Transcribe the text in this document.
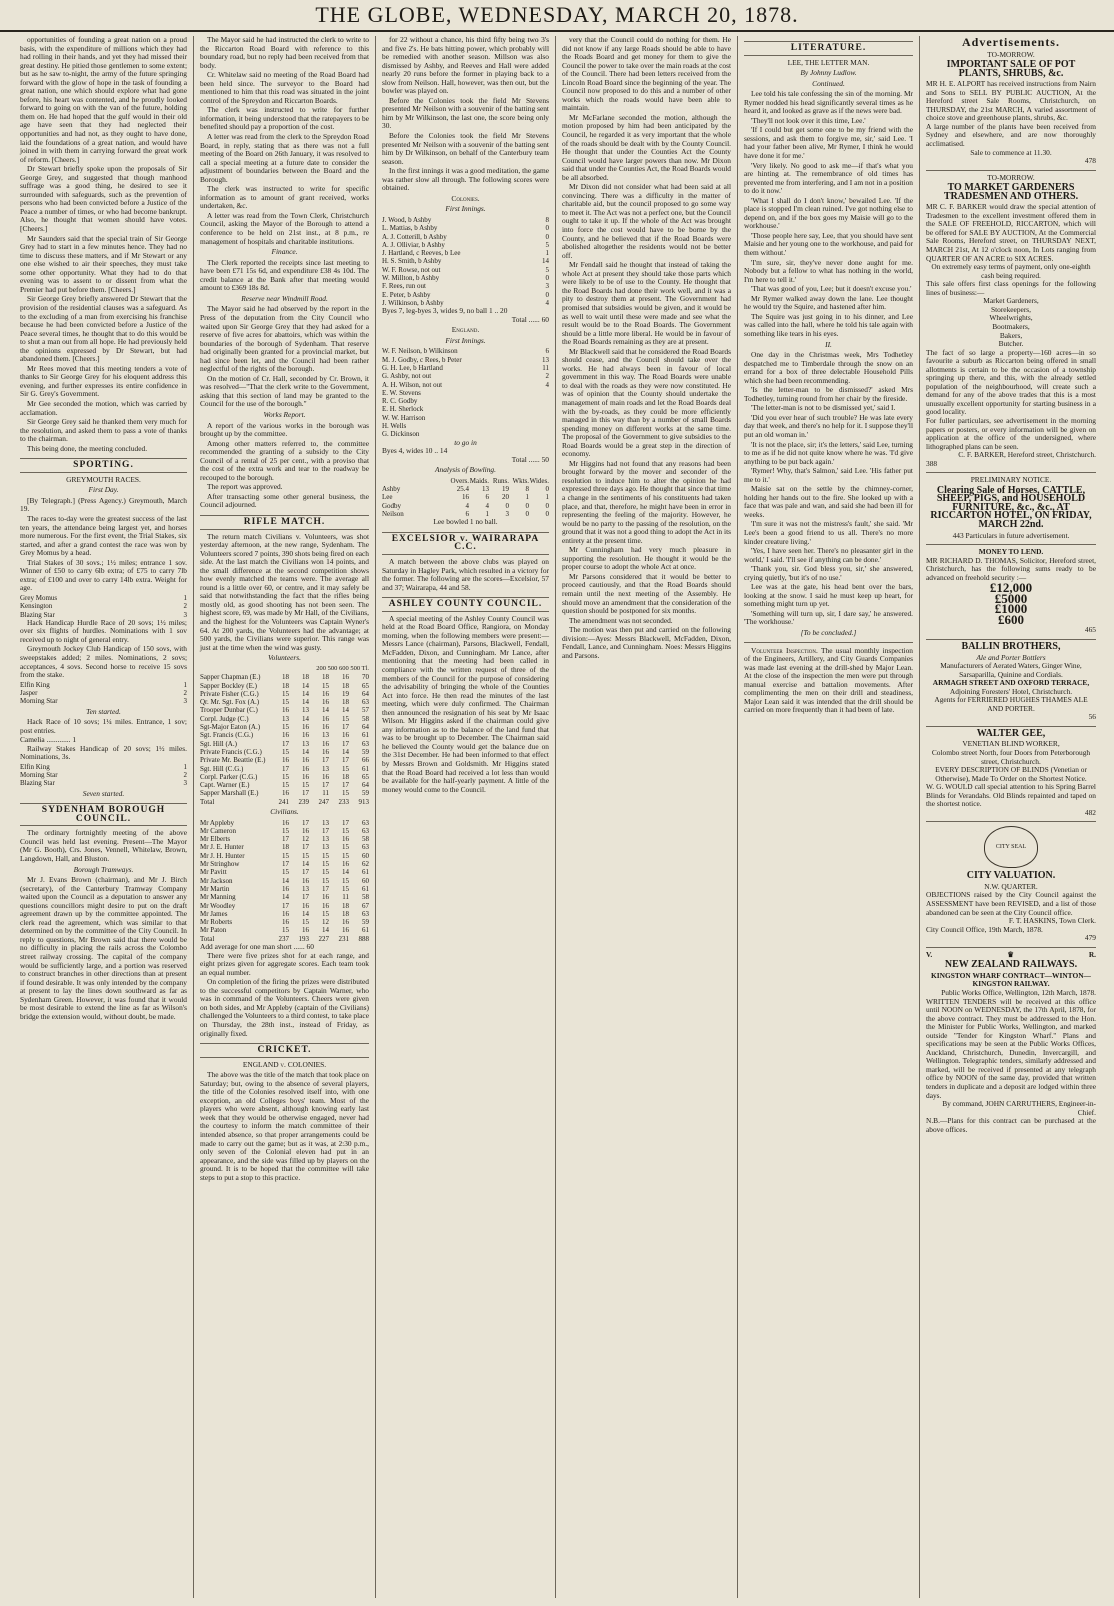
THE GLOBE, WEDNESDAY, MARCH 20, 1878.

opportunities of founding a great nation on a proud basis, with the expenditure of millions which they had had rolling in their hands, and yet they had missed their great destiny. He pitied those gentlemen to some extent; but as he saw to-night, the army of the future springing forward with the glow of hope in the task of founding a great nation, one which should explore what had gone before, his heart was contented, and he proudly looked forward to going on with the van of the future, holding them on. He had hoped that the gulf would in their old age have seen that they had neglected their opportunities and had not, as they ought to have done, laid the foundations of a great nation, and would have joined in with them in carrying forward the great work of reform. [Cheers.]

Dr Stewart briefly spoke upon the proposals of Sir George Grey, and suggested that though manhood suffrage was a good thing, he desired to see it surrounded with safeguards, such as the prevention of persons who had been convicted before a Justice of the Peace a number of times, or who had become bankrupt. Also, he thought that women should have votes. [Cheers.]

Mr Saunders said that the special train of Sir George Grey had to start in a few minutes hence. They had no time to discuss these matters, and if Mr Stewart or any one else wished to air their speeches, they must take some other opportunity. What they had to do that evening was to assent to or dissent from what the Premier had put before them. [Cheers.]

Sir George Grey briefly answered Dr Stewart that the provision of the residential clauses was a safeguard. As to the excluding of a man from exercising his franchise because he had been convicted before a Justice of the Peace several times, he thought that to do this would be to shut a man out from all hope. He had previously held the opinions expressed by Dr Stewart, but had abandoned them. [Cheers.]

Mr Rees moved that this meeting tenders a vote of thanks to Sir George Grey for his eloquent address this evening, and further expresses its entire confidence in Sir G. Grey's Government.

Mr Gee seconded the motion, which was carried by acclamation.

Sir George Grey said he thanked them very much for the resolution, and asked them to pass a vote of thanks to the chairman.

This being done, the meeting concluded.

SPORTING.
GREYMOUTH RACES.
First Day.

[By Telegraph.] (Press Agency.) Greymouth, March 19.

The races to-day were the greatest success of the last ten years, the attendance being largest yet, and horses more numerous. For the first event, the Trial Stakes, six started, and after a grand contest the race was won by Grey Momus by a head.

Trial Stakes of 30 sovs.; 1½ miles; entrance 1 sov. Winner of £50 to carry 6lb extra; of £75 to carry 7lb extra; of £100 and over to carry 14lb extra. Weight for age.

Grey Momus	1
Kensington	2
Blazing Star	3

Hack Handicap Hurdle Race of 20 sovs; 1½ miles; over six flights of hurdles. Nominations with 1 sov received up to night of general entry.

Greymouth Jockey Club Handicap of 150 sovs, with sweepstakes added; 2 miles. Nominations, 2 sovs; acceptances, 4 sovs. Second horse to receive 15 sovs from the stake.

Elfin King	1
Jasper	2
Morning Star	3
Ten started.

Hack Race of 10 sovs; 1¼ miles. Entrance, 1 sov; post entries.

Camelia ............. 1

Railway Stakes Handicap of 20 sovs; 1½ miles. Nominations, 3s.

Elfin King	1
Morning Star	2
Blazing Star	3
Seven started.
SYDENHAM BOROUGH COUNCIL.

The ordinary fortnightly meeting of the above Council was held last evening. Present—The Mayor (Mr G. Booth), Crs. Jones, Vennell, Whitelaw, Brown, Langdown, Hall, and Bluston.

Borough Tramways.

Mr J. Evans Brown (chairman), and Mr J. Birch (secretary), of the Canterbury Tramway Company waited upon the Council as a deputation to answer any questions councillors might desire to put on the draft agreement drawn up by the committee appointed. The clerk read the agreement, which was similar to that determined on by the committee of the City Council. In reply to questions, Mr Brown said that there would be no difficulty in placing the rails across the Colombo street railway crossing. The capital of the company would be sufficiently large, and a portion was reserved to construct branches in other directions than at present if found desirable. It was only intended by the company at present to lay the lines down southward as far as Sydenham Green. However, it was found that it would be most desirable to extend the line as far as Wilson's bridge the extension would, without doubt, be made.

The Mayor said he had instructed the clerk to write to the Riccarton Road Board with reference to this boundary road, but no reply had been received from that body.

Cr. Whitelaw said no meeting of the Road Board had been held since. The surveyor to the Board had mentioned to him that this road was situated in the joint control of the Spreydon and Riccarton Boards.

The clerk was instructed to write for further information, it being understood that the ratepayers to be benefited should pay a proportion of the cost.

A letter was read from the clerk to the Spreydon Road Board, in reply, stating that as there was not a full meeting of the Board on 26th January, it was resolved to call a special meeting at a future date to consider the adjustment of boundaries between the Board and the Borough.

The clerk was instructed to write for specific information as to amount of grant received, works undertaken, &c.

A letter was read from the Town Clerk, Christchurch Council, asking the Mayor of the Borough to attend a conference to be held on 21st inst., at 8 p.m., re management of hospitals and charitable institutions.

Finance.

The Clerk reported the receipts since last meeting to have been £71 15s 6d, and expenditure £38 4s 10d. The credit balance at the Bank after that meeting would amount to £369 18s 8d.

Reserve near Windmill Road.

The Mayor said he had observed by the report in the Press of the deputation from the City Council who waited upon Sir George Grey that they had asked for a reserve of five acres for abattoirs, which was within the boundaries of the borough of Sydenham. That reserve had originally been granted for a provincial market, but had since been let, and the Council had been rather neglectful of the rights of the borough.

On the motion of Cr. Hall, seconded by Cr. Brown, it was resolved—"That the clerk write to the Government, asking that this section of land may be granted to the Council for the use of the borough."

Works Report.

A report of the various works in the borough was brought up by the committee.

Among other matters referred to, the committee recommended the granting of a subsidy to the City Council of a rental of 25 per cent., with a proviso that the cost of the extra work and tear to the roadway be recouped to the borough.

The report was approved.

After transacting some other general business, the Council adjourned.

RIFLE MATCH.

The return match Civilians v. Volunteers, was shot yesterday afternoon, at the new range, Sydenham. The Volunteers scored 7 points, 390 shots being fired on each side. At the last match the Civilians won 14 points, and the small difference at the second competition shows how evenly matched the teams were. The average all round is a little over 60, or centre, and it may safely be said that notwithstanding the fact that the rifles being mostly old, as good shooting has not been seen. The highest score, 69, was made by Mr Hall, of the Civilians, and the highest for the Volunteers was Captain Wyner's 64. At 200 yards, the Volunteers had the advantage; at 500 yards, the Civilians were superior. This range was just at the time when the wind was gusty.

Volunteers.
200 500 600 500 Tl.
Sapper Chapman (E.)	18	18	18	16	70
Sapper Bockley (E.)	18	14	15	18	65
Private Fisher (C.G.)	15	14	16	19	64
Qr. Mr. Sgt. Fox (A.)	15	14	16	18	63
Trooper Dunbar (C.)	16	13	14	14	57
Corpl. Judge (C.)	13	14	16	15	58
Sgt-Major Eaton (A.)	15	16	16	17	64
Sgt. Francis (C.G.)	16	16	13	16	61
Sgt. Hill (A.)	17	13	16	17	63
Private Francis (C.G.)	15	14	16	14	59
Private Mr. Beattie (E.)	16	16	17	17	66
Sgt. Hill (C.G.)	17	16	13	15	61
Corpl. Parker (C.G.)	15	16	16	18	65
Capt. Warner (E.)	15	15	17	17	64
Sapper Marshall (E.)	16	17	11	15	59
Total	241	239	247	233	913
Civilians.
Mr Appleby	16	17	13	17	63
Mr Cameron	15	16	17	15	63
Mr Elberts	17	12	13	16	58
Mr J. E. Hunter	18	17	13	15	63
Mr J. H. Hunter	15	15	15	15	60
Mr Stringhow	17	14	15	16	62
Mr Pavitt	15	17	15	14	61
Mr Jackson	14	16	15	15	60
Mr Martin	16	13	17	15	61
Mr Manning	14	17	16	11	58
Mr Woodley	17	16	16	18	67
Mr James	16	14	15	18	63
Mr Roberts	16	15	12	16	59
Mr Paton	15	16	14	16	61
Total	237	193	227	231	888
Add average for one man short ...... 60

There were five prizes shot for at each range, and eight prizes given for aggregate scores. Each team took an equal number.

On completion of the firing the prizes were distributed to the successful competitors by Captain Warner, who was in command of the Volunteers. Cheers were given on both sides, and Mr Appleby (captain of the Civilians) challenged the Volunteers to a third contest, to take place on Thursday, the 28th inst., instead of Friday, as originally fixed.

CRICKET.
ENGLAND v. COLONIES.

The above was the title of the match that took place on Saturday; but, owing to the absence of several players, the title of the Colonies resolved itself into, with one exception, an old Colleges boys' team. Most of the players who were absent, although knowing early last week that they would be otherwise engaged, never had the courtesy to inform the match committee of their intended absence, so that proper arrangements could be made to carry out the game; but as it was, at 2:30 p.m., only seven of the Colonial eleven had put in an appearance, and the side was filled up by players on the ground. It is to be hoped that the committee will take steps to put a stop to this practice.

for 22 without a chance, his third fifty being two 3's and five 2's. He bats hitting power, which probably will be remedied with another season. Millson was also dismissed by Ashby, and Reeves and Hall were added nearly 20 runs before the former in playing back to a slow from Neilson. Hall, however, was then out, but the bowler was played on.

Before the Colonies took the field Mr Stevens presented Mr Neilson with a souvenir of the batting sent him by Mr Wilkinson, the last one, the score being only 30.

Before the Colonies took the field Mr Stevens presented Mr Neilson with a souvenir of the batting sent him by Dr Wilkinson, on behalf of the Canterbury team season.

In the first innings it was a good meditation, the game was rather slow all through. The following scores were obtained.

Colonies.
First Innings.
J. Wood, b Ashby	8
L. Mattias, b Ashby	0
A. J. Cotterill, b Ashby	0
A. J. Olliviar, b Ashby	5
J. Hartland, c Reeves, b Lee	1
H. S. Smith, b Ashby	14
W. F. Rowse, not out	5
W. Millton, b Ashby	0
F. Rees, run out	3
E. Peter, b Ashby	0
J. Wilkinson, b Ashby	4
Byes 7, leg-byes 3, wides 9, no ball 1 .. 20
Total ...... 60
England.
First Innings.
W. F. Neilson, b Wilkinson	6
M. J. Godby, c Rees, b Peter	13
G. H. Lee, b Hartland	11
G. Ashby, not out	2
A. H. Wilson, not out	4
E. W. Stevens	
R. C. Godby	
E. H. Sherlock	
W. W. Harrison	
H. Wells	
G. Dickinson	
to go in
Byes 4, wides 10 .. 14
Total ...... 50
Analysis of Bowling.
	Overs.	Maids.	Runs.	Wkts.	Wides.
Ashby	25.4	13	19	8	0
Lee	16	6	20	1	1
Godby	4	4	0	0	0
Neilson	6	1	3	0	0
Lee bowled 1 no ball.
EXCELSIOR v. WAIRARAPA C.C.

A match between the above clubs was played on Saturday in Hagley Park, which resulted in a victory for the former. The following are the scores—Excelsior, 57 and 37; Wairarapa, 44 and 58.

ASHLEY COUNTY COUNCIL.

A special meeting of the Ashley County Council was held at the Road Board Office, Rangiora, on Monday morning, when the following members were present:—Messrs Lance (chairman), Parsons, Blackwell, Fendall, McFadden, Dixon, and Cunningham. Mr Lance, after mentioning that the meeting had been called in compliance with the written request of three of the members of the Council for the purpose of considering the advisability of bringing the whole of the Counties Act into force. He then read the minutes of the last meeting, which were duly confirmed. The Chairman then announced the resignation of his seat by Mr Isaac Wilson. Mr Higgins asked if the chairman could give any information as to the balance of the land fund that was to be brought up to December. The Chairman said he believed the County would get the balance due on the 31st December. He had been informed to that effect by Messrs Brown and Goldsmith. Mr Higgins stated that the Road Board had received a lot less than would be available for the half-yearly payment. A little of the money would come to the Council.

very that the Council could do nothing for them. He did not know if any large Roads should be able to have the Roads Board and get money for them to give the Council the power to take over the main roads at the cost of the Council. There had been letters received from the Lincoln Road Board since the beginning of the year. The Council now proposed to do this and a number of other works which the roads would have been able to maintain.

Mr McFarlane seconded the motion, although the motion proposed by him had been anticipated by the Council, he regarded it as very important that the whole of the roads should be dealt with by the County Council. He thought that under the Counties Act the County Council would have larger powers than now. Mr Dixon said that under the Counties Act, the Road Boards would be all absorbed.

Mr Dixon did not consider what had been said at all convincing. There was a difficulty in the matter of charitable aid, but the council proposed to go some way to meet it. The Act was not a perfect one, but the Council ought to take it up. If the whole of the Act was brought into force the cost would have to be borne by the County, and he believed that if the Road Boards were abolished altogether the residents would not be better off.

Mr Fendall said he thought that instead of taking the whole Act at present they should take those parts which were likely to be of use to the County. He thought that the Road Boards had done their work well, and it was a pity to destroy them at present. The Government had promised that subsidies would be given, and it would be as well to wait until these were made and see what the result would be to the Road Boards. The Government should be a little more liberal. He would be in favour of the Road Boards remaining as they are at present.

Mr Blackwell said that he considered the Road Boards should cease, and the Council should take over the works. He had always been in favour of local government in this way. The Road Boards were unable to deal with the roads as they were now constituted. He was of opinion that the County should undertake the management of main roads and let the Road Boards deal with the by-roads, as they could be more efficiently managed in this way than by a number of small Boards spending money on different works at the same time. The proposal of the Government to give subsidies to the Road Boards would be a great step in the direction of economy.

Mr Higgins had not found that any reasons had been brought forward by the mover and seconder of the resolution to induce him to alter the opinion he had expressed three days ago. He thought that since that time a change in the sentiments of his constituents had taken place, and that, therefore, he might have been in error in representing the feeling of the majority. However, he would be no party to the passing of the resolution, on the ground that it was not a good thing to adopt the Act in its entirety at the present time.

Mr Cunningham had very much pleasure in supporting the resolution. He thought it would be the proper course to adopt the whole Act at once.

Mr Parsons considered that it would be better to proceed cautiously, and that the Road Boards should remain until the next meeting of the Assembly. He should move an amendment that the consideration of the question should be postponed for six months.

The amendment was not seconded.

The motion was then put and carried on the following division:—Ayes: Messrs Blackwell, McFadden, Dixon, Fendall, Lance, and Cunningham. Noes: Messrs Higgins and Parsons.

LITERATURE.
LEE, THE LETTER MAN.
By Johnny Ludlow.
Continued.

Lee told his tale confessing the sin of the morning. Mr Rymer nodded his head significantly several times as he heard it, and looked as grave as if the news were bad.

'They'll not look over it this time, Lee.'

'If I could but get some one to be my friend with the sessions, and ask them to forgive me, sir,' said Lee. 'I had your father been alive, Mr Rymer, I think he would have done it for me.'

'Very likely. No good to ask me—if that's what you are hinting at. The remembrance of old times has prevented me from interfering, and I am not in a position to do it now.'

'What I shall do I don't know,' bewailed Lee. 'If the place is stopped I'm clean ruined. I've got nothing else to depend on, and if the box goes my Maisie will go to the workhouse.'

'Those people here say, Lee, that you should have sent Maisie and her young one to the workhouse, and paid for them without.'

'I'm sure, sir, they've never done aught for me. Nobody but a fellow to what has nothing in the world, I'm here to tell it.'

'That was good of you, Lee; but it doesn't excuse you.'

Mr Rymer walked away down the lane. Lee thought he would try the Squire, and hastened after him.

The Squire was just going in to his dinner, and Lee was called into the hall, where he told his tale again with something like tears in his eyes.

II.

One day in the Christmas week, Mrs Todhetley despatched me to Timberdale through the snow on an errand for a box of three delectable Household Pills which she had been recommending.

'Is the letter-man to be dismissed?' asked Mrs Todhetley, turning round from her chair by the fireside.

'The letter-man is not to be dismissed yet,' said I.

'Did you ever hear of such trouble? He was late every day that week, and there's no help for it. I suppose they'll put an old woman in.'

'It is not the place, sir; it's the letters,' said Lee, turning to me as if he did not quite know where he was. 'I'd give anything to be put back again.'

'Rymer! Why, that's Salmon,' said Lee. 'His father put me to it.'

Maisie sat on the settle by the chimney-corner, holding her hands out to the fire. She looked up with a face that was pale and wan, and said she had been ill for weeks.

'I'm sure it was not the mistress's fault,' she said. 'Mr Lee's been a good friend to us all. There's no more kinder creature living.'

'Yes, I have seen her. There's no pleasanter girl in the world,' I said. 'I'll see if anything can be done.'

'Thank you, sir. God bless you, sir,' she answered, crying quietly, 'but it's of no use.'

Lee was at the gate, his head bent over the bars, looking at the snow. I said he must keep up heart, for something might turn up yet.

'Something will turn up, sir, I dare say,' he answered. 'The workhouse.'

[To be concluded.]

Volunteer Inspection. The usual monthly inspection of the Engineers, Artillery, and City Guards Companies was made last evening at the drill-shed by Major Lean. At the close of the inspection the men were put through manual exercise and battalion movements. After complimenting the men on their drill and steadiness, Major Lean said it was intended that the drill should be carried on more frequently than it had been of late.

Advertisements.
TO-MORROW.
IMPORTANT SALE OF POT PLANTS, SHRUBS, &c.
MR H. E. ALPORT has received instructions from Nairn and Sons to SELL BY PUBLIC AUCTION, At the Hereford street Sale Rooms, Christchurch, on THURSDAY, the 21st MARCH, A varied assortment of choice stove and greenhouse plants, shrubs, &c.
A large number of the plants have been received from Sydney and elsewhere, and are now thoroughly acclimatised.
Sale to commence at 11.30.
478
TO-MORROW.
TO MARKET GARDENERS TRADESMEN AND OTHERS.
MR C. F. BARKER would draw the special attention of Tradesmen to the excellent investment offered them in the SALE OF FREEHOLD, RICCARTON, which will be offered for SALE BY AUCTION, At the Commercial Sale Rooms, Hereford street, on THURSDAY NEXT, MARCH 21st, At 12 o'clock noon, In Lots ranging from QUARTER OF AN ACRE to SIX ACRES.
On extremely easy terms of payment, only one-eighth cash being required.
This sale offers first class openings for the following lines of business:—
Market Gardeners,
Storekeepers,
Wheelwrights,
Bootmakers,
Bakers,
Butcher.
The fact of so large a property—160 acres—in so favourite a suburb as Riccarton being offered in small allotments is certain to be the occasion of a township springing up there, and this, with the already settled population of the neighbourhood, will create such a demand for any of the above trades that this is a most unusually excellent opportunity for starting business in a good locality.
For fuller particulars, see advertisement in the morning papers or posters, or every information will be given on application at the office of the undersigned, where lithographed plans can be seen.
C. F. BARKER, Hereford street, Christchurch.
388
PRELIMINARY NOTICE.
Clearing Sale of Horses, CATTLE, SHEEP, PIGS, and HOUSEHOLD FURNITURE, &c., &c., AT RICCARTON HOTEL, ON FRIDAY, MARCH 22nd.
443 Particulars in future advertisement.
MONEY TO LEND.
MR RICHARD D. THOMAS, Solicitor, Hereford street, Christchurch, has the following sums ready to be advanced on freehold security :—
£12,000
£5000
£1000
£600
465
BALLIN BROTHERS,
Ale and Porter Bottlers
Manufacturers of Aerated Waters, Ginger Wine, Sarsaparilla, Quinine and Cordials.
ARMAGH STREET AND OXFORD TERRACE,
Adjoining Foresters' Hotel, Christchurch.
Agents for FERRIERED HUGHES THAMES ALE AND PORTER.
56
WALTER GEE,
VENETIAN BLIND WORKER,
Colombo street North, four Doors from Peterborough street, Christchurch.
EVERY DESCRIPTION OF BLINDS (Venetian or Otherwise), Made To Order on the Shortest Notice.
W. G. WOULD call special attention to his Spring Barrel Blinds for Verandahs. Old Blinds repainted and taped on the shortest notice.
482
CITY SEAL
CITY VALUATION.
N.W. QUARTER.
OBJECTIONS raised by the City Council against the ASSESSMENT have been REVISED, and a list of those abandoned can be seen at the City Council office.
F. T. HASKINS, Town Clerk.
City Council Office, 19th March, 1878.
479
V.	♛	R.
NEW ZEALAND RAILWAYS.
KINGSTON WHARF CONTRACT—WINTON—KINGSTON RAILWAY.
Public Works Office, Wellington, 12th March, 1878.
WRITTEN TENDERS will be received at this office until NOON on WEDNESDAY, the 17th April, 1878, for the above contract. They must be addressed to the Hon. the Minister for Public Works, Wellington, and marked outside "Tender for Kingston Wharf." Plans and specifications may be seen at the Public Works Offices, Auckland, Christchurch, Dunedin, Invercargill, and Wellington. Telegraphic tenders, similarly addressed and marked, will be received if presented at any telegraph office by NOON of the same day, provided that written tenders in duplicate and a deposit are lodged within three days.
By command, JOHN CARRUTHERS, Engineer-in-Chief.
N.B.—Plans for this contract can be purchased at the above offices.
